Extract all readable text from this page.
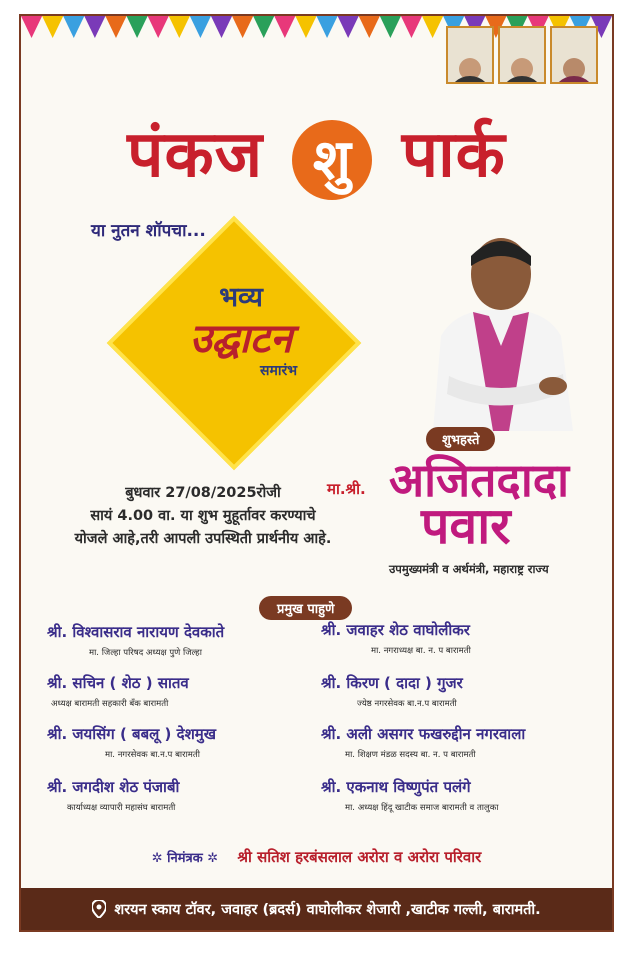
पंकज शु पार्क
या नुतन शॉपचा...
भव्य
उद्घाटन
समारंभ
बुधवार 27/08/2025रोजी
सायं 4.00 वा. या शुभ मुहूर्तावर करण्याचे
योजले आहे,तरी आपली उपस्थिती प्रार्थनीय आहे.
शुभहस्ते
मा.श्री. अजितदादा
पवार
उपमुख्यमंत्री व अर्थमंत्री, महाराष्ट्र राज्य
प्रमुख पाहुणे
श्री. विश्वासराव नारायण देवकाते
मा. जिल्हा परिषद अध्यक्ष पुणे जिल्हा
श्री. जवाहर शेठ वाघोलीकर
मा. नगराध्यक्ष बा. न. प बारामती
श्री. सचिन ( शेठ ) सातव
अध्यक्ष बारामती सहकारी बँक बारामती
श्री. किरण ( दादा ) गुजर
ज्येष्ठ नगरसेवक बा.न.प बारामती
श्री. जयसिंग ( बबलू ) देशमुख
मा. नगरसेवक बा.न.प बारामती
श्री. अली असगर फखरुद्दीन नगरवाला
मा. शिक्षण मंडळ सदस्य बा. न. प बारामती
श्री. जगदीश शेठ पंजाबी
कार्याध्यक्ष व्यापारी महासंघ बारामती
श्री. एकनाथ विष्णुपंत पलंगे
मा. अध्यक्ष हिंदू खाटीक समाज बारामती व तालुका
✲ निमंत्रक ✲ श्री सतिश हरबंसलाल अरोरा व अरोरा परिवार
शरयन स्काय टॉवर, जवाहर (ब्रदर्स) वाघोलीकर शेजारी ,खाटीक गल्ली, बारामती.
